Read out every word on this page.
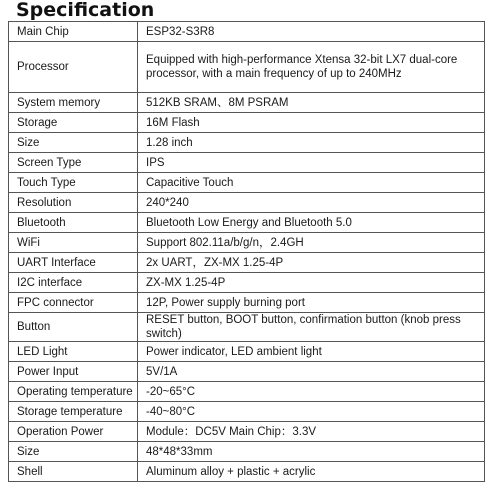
Specification
Main Chip	ESP32-S3R8
Processor	Equipped with high-performance Xtensa 32-bit LX7 dual-core processor, with a main frequency of up to 240MHz
System memory	512KB SRAM、8M PSRAM
Storage	16M Flash
Size	1.28 inch
Screen Type	IPS
Touch Type	Capacitive Touch
Resolution	240*240
Bluetooth	Bluetooth Low Energy and Bluetooth 5.0
WiFi	Support 802.11a/b/g/n，2.4GH
UART Interface	2x UART，ZX-MX 1.25-4P
I2C interface	ZX-MX 1.25-4P
FPC connector	12P, Power supply burning port
Button	RESET button, BOOT button, confirmation button (knob press switch)
LED Light	Power indicator, LED ambient light
Power Input	5V/1A
Operating temperature	-20~65°C
Storage temperature	-40~80°C
Operation Power	Module：DC5V Main Chip：3.3V
Size	48*48*33mm
Shell	Aluminum alloy + plastic + acrylic
